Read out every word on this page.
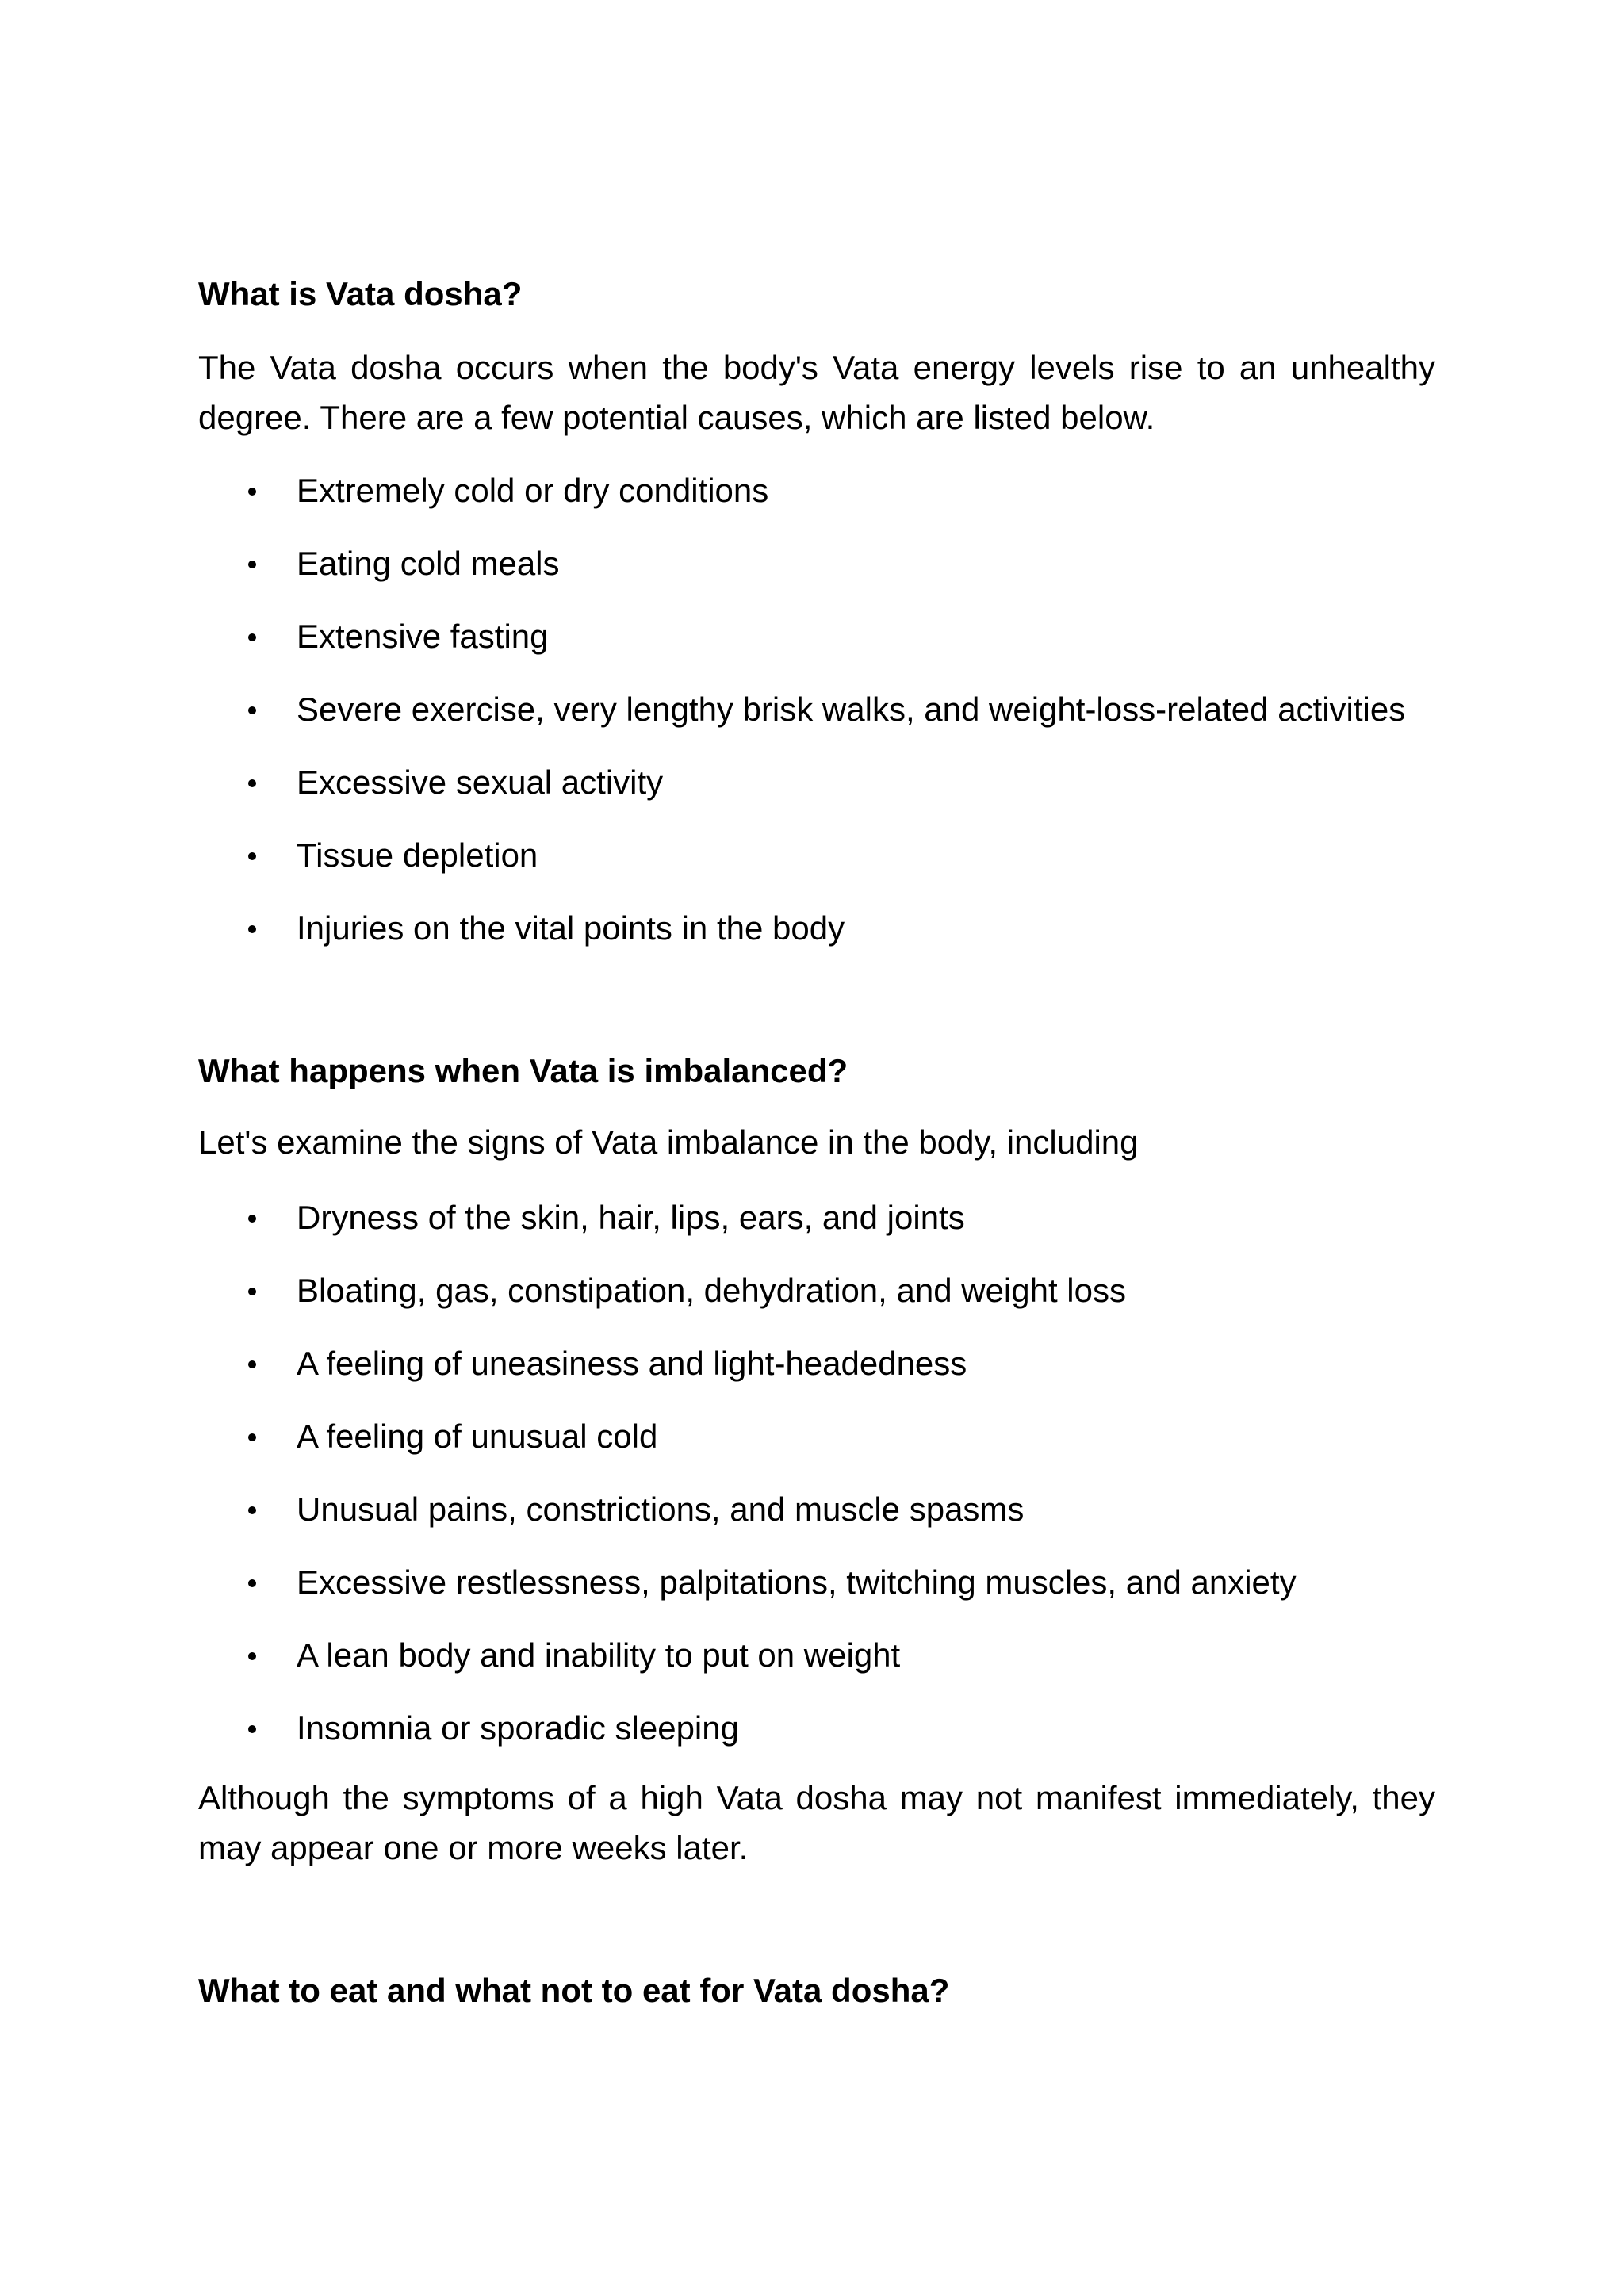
What is Vata dosha?

The Vata dosha occurs when the body's Vata energy levels rise to an unhealthy degree. There are a few potential causes, which are listed below.

Extremely cold or dry conditions
Eating cold meals
Extensive fasting
Severe exercise, very lengthy brisk walks, and weight-loss-related activities
Excessive sexual activity
Tissue depletion
Injuries on the vital points in the body
What happens when Vata is imbalanced?

Let's examine the signs of Vata imbalance in the body, including

Dryness of the skin, hair, lips, ears, and joints
Bloating, gas, constipation, dehydration, and weight loss
A feeling of uneasiness and light-headedness
A feeling of unusual cold
Unusual pains, constrictions, and muscle spasms
Excessive restlessness, palpitations, twitching muscles, and anxiety
A lean body and inability to put on weight
Insomnia or sporadic sleeping

Although the symptoms of a high Vata dosha may not manifest immediately, they may appear one or more weeks later.

What to eat and what not to eat for Vata dosha?
